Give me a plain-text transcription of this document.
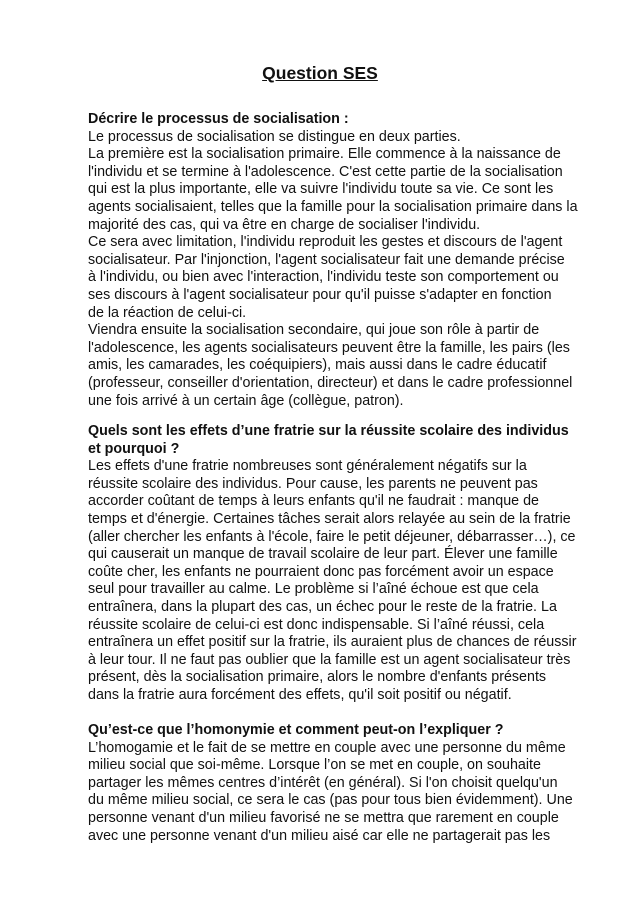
Question SES
Décrire le processus de socialisation :
Le processus de socialisation se distingue en deux parties.
La première est la socialisation primaire. Elle commence à la naissance de
l'individu et se termine à l'adolescence. C'est cette partie de la socialisation
qui est la plus importante, elle va suivre l'individu toute sa vie. Ce sont les
agents socialisaient, telles que la famille pour la socialisation primaire dans la
majorité des cas, qui va être en charge de socialiser l'individu.
Ce sera avec limitation, l'individu reproduit les gestes et discours de l'agent
socialisateur. Par l'injonction, l'agent socialisateur fait une demande précise
à l'individu, ou bien avec l'interaction, l'individu teste son comportement ou
ses discours à l'agent socialisateur pour qu'il puisse s'adapter en fonction
de la réaction de celui-ci.
Viendra ensuite la socialisation secondaire, qui joue son rôle à partir de
l'adolescence, les agents socialisateurs peuvent être la famille, les pairs (les
amis, les camarades, les coéquipiers), mais aussi dans le cadre éducatif
(professeur, conseiller d'orientation, directeur) et dans le cadre professionnel
une fois arrivé à un certain âge (collègue, patron).
Quels sont les effets d’une fratrie sur la réussite scolaire des individus
et pourquoi ?
Les effets d'une fratrie nombreuses sont généralement négatifs sur la
réussite scolaire des individus. Pour cause, les parents ne peuvent pas
accorder coûtant de temps à leurs enfants qu'il ne faudrait : manque de
temps et d'énergie. Certaines tâches serait alors relayée au sein de la fratrie
(aller chercher les enfants à l'école, faire le petit déjeuner, débarrasser…), ce
qui causerait un manque de travail scolaire de leur part. Élever une famille
coûte cher, les enfants ne pourraient donc pas forcément avoir un espace
seul pour travailler au calme. Le problème si l’aîné échoue est que cela
entraînera, dans la plupart des cas, un échec pour le reste de la fratrie. La
réussite scolaire de celui-ci est donc indispensable. Si l’aîné réussi, cela
entraînera un effet positif sur la fratrie, ils auraient plus de chances de réussir
à leur tour. Il ne faut pas oublier que la famille est un agent socialisateur très
présent, dès la socialisation primaire, alors le nombre d'enfants présents
dans la fratrie aura forcément des effets, qu'il soit positif ou négatif.
Qu’est-ce que l’homonymie et comment peut-on l’expliquer ?
L’homogamie et le fait de se mettre en couple avec une personne du même
milieu social que soi-même. Lorsque l’on se met en couple, on souhaite
partager les mêmes centres d’intérêt (en général). Si l'on choisit quelqu'un
du même milieu social, ce sera le cas (pas pour tous bien évidemment). Une
personne venant d'un milieu favorisé ne se mettra que rarement en couple
avec une personne venant d'un milieu aisé car elle ne partagerait pas les
